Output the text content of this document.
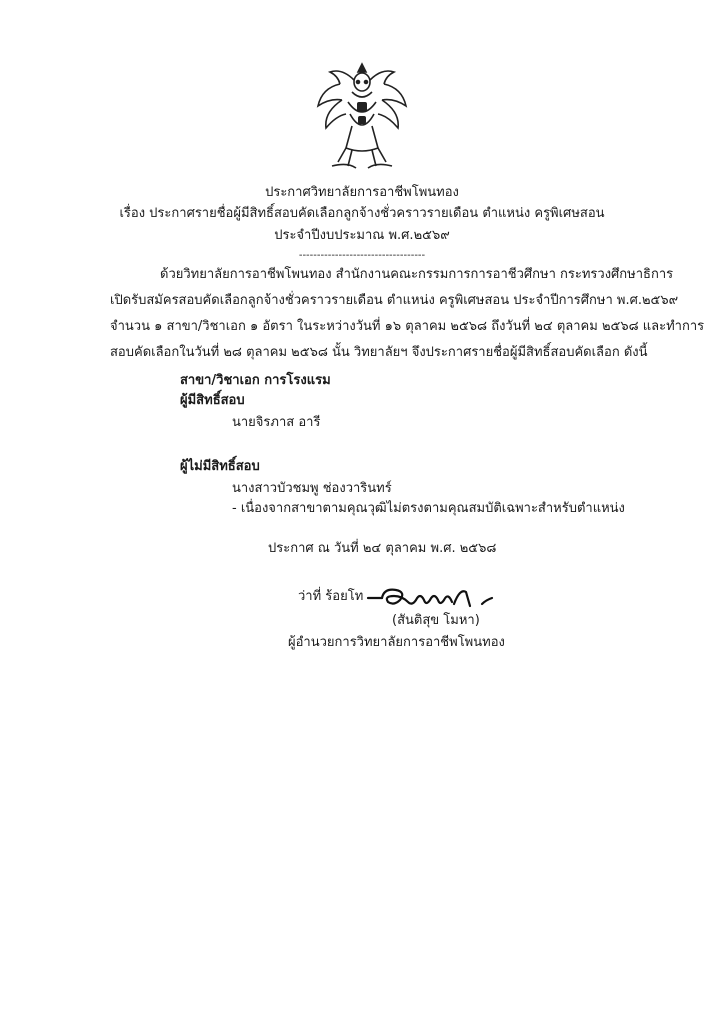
ประกาศวิทยาลัยการอาชีพโพนทอง
เรื่อง ประกาศรายชื่อผู้มีสิทธิ์สอบคัดเลือกลูกจ้างชั่วคราวรายเดือน ตำแหน่ง ครูพิเศษสอน
ประจำปีงบประมาณ พ.ศ.๒๕๖๙
-----------------------------------
ด้วยวิทยาลัยการอาชีพโพนทอง สำนักงานคณะกรรมการการอาชีวศึกษา กระทรวงศึกษาธิการ
เปิดรับสมัครสอบคัดเลือกลูกจ้างชั่วคราวรายเดือน ตำแหน่ง ครูพิเศษสอน ประจำปีการศึกษา พ.ศ.๒๕๖๙
จำนวน ๑ สาขา/วิชาเอก ๑ อัตรา ในระหว่างวันที่ ๑๖ ตุลาคม ๒๕๖๘ ถึงวันที่ ๒๔ ตุลาคม ๒๕๖๘ และทำการ
สอบคัดเลือกในวันที่ ๒๘ ตุลาคม ๒๕๖๘ นั้น วิทยาลัยฯ จึงประกาศรายชื่อผู้มีสิทธิ์สอบคัดเลือก ดังนี้
สาขา/วิชาเอก การโรงแรม
ผู้มีสิทธิ์สอบ
นายจิรภาส อารี
ผู้ไม่มีสิทธิ์สอบ
นางสาวบัวชมพู ช่องวารินทร์
- เนื่องจากสาขาตามคุณวุฒิไม่ตรงตามคุณสมบัติเฉพาะสำหรับตำแหน่ง
ประกาศ ณ วันที่ ๒๔ ตุลาคม พ.ศ. ๒๕๖๘
ว่าที่ ร้อยโท
(สันติสุข โมหา)
ผู้อำนวยการวิทยาลัยการอาชีพโพนทอง
